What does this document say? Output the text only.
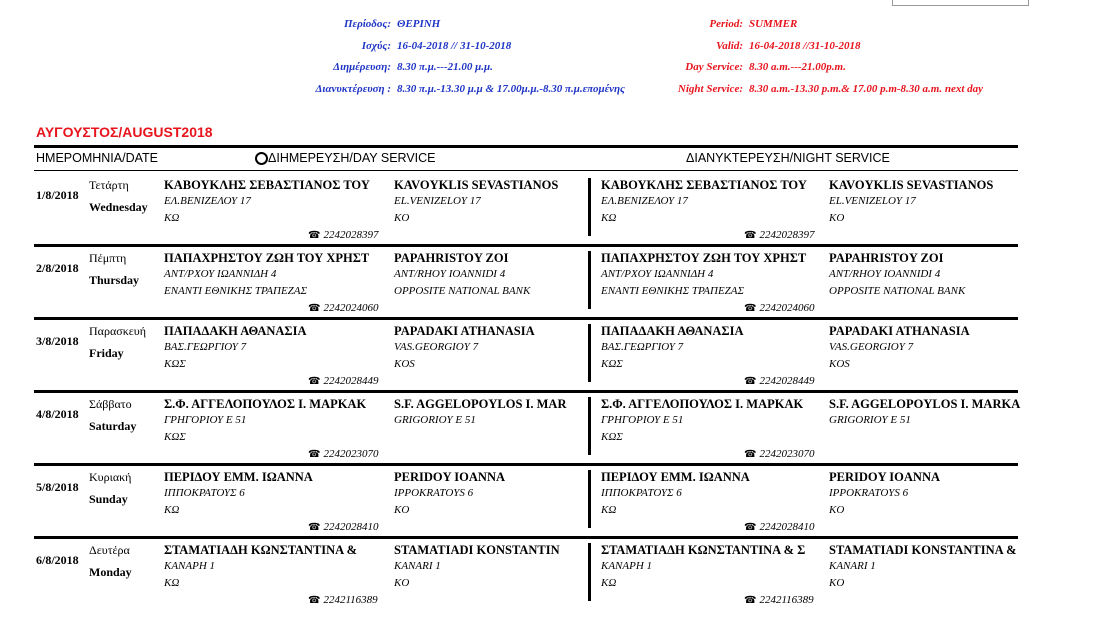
Περίοδος: ΘΕΡΙΝΗ
Ισχύς: 16-04-2018 // 31-10-2018
Διημέρευση: 8.30 π.μ.---21.00 μ.μ.
Διανυκτέρευση : 8.30 π.μ.-13.30 μ.μ & 17.00μ.μ.-8.30 π.μ.επομένης
Period: SUMMER
Valid: 16-04-2018 //31-10-2018
Day Service: 8.30 a.m.---21.00p.m.
Night Service: 8.30 a.m.-13.30 p.m.& 17.00 p.m-8.30 a.m. next day
ΑΥΓΟΥΣΤΟΣ/AUGUST2018
ΗΜΕΡΟΜΗΝΙΑ/DATE	ΔΙΗΜΕΡΕΥΣΗ/DAY SERVICE	ΔΙΑΝΥΚΤΕΡΕΥΣΗ/NIGHT SERVICE
1/8/2018
Τετάρτη
Wednesday
ΚΑΒΟΥΚΛΗΣ ΣΕΒΑΣΤΙΑΝΟΣ ΤΟΥ
ΕΛ.ΒΕΝΙΖΕΛΟΥ 17
ΚΩ
KAVOYKLIS SEVASTIANOS
EL.VENIZELOY 17
KO
☎ 2242028397
ΚΑΒΟΥΚΛΗΣ ΣΕΒΑΣΤΙΑΝΟΣ ΤΟΥ
ΕΛ.ΒΕΝΙΖΕΛΟΥ 17
ΚΩ
KAVOYKLIS SEVASTIANOS
EL.VENIZELOY 17
KO
☎ 2242028397
2/8/2018
Πέμπτη
Thursday
ΠΑΠΑΧΡΗΣΤΟΥ ΖΩΗ ΤΟΥ ΧΡΗΣΤ
ΑΝΤ/ΡΧΟΥ ΙΩΑΝΝΙΔΗ 4
ΕΝΑΝΤΙ ΕΘΝΙΚΗΣ ΤΡΑΠΕΖΑΣ
PAPAHRISTOY ZOI
ANT/RHOY IOANNIDI 4
OPPOSITE NATIONAL BANK
☎ 2242024060
ΠΑΠΑΧΡΗΣΤΟΥ ΖΩΗ ΤΟΥ ΧΡΗΣΤ
ΑΝΤ/ΡΧΟΥ ΙΩΑΝΝΙΔΗ 4
ΕΝΑΝΤΙ ΕΘΝΙΚΗΣ ΤΡΑΠΕΖΑΣ
PAPAHRISTOY ZOI
ANT/RHOY IOANNIDI 4
OPPOSITE NATIONAL BANK
☎ 2242024060
3/8/2018
Παρασκευή
Friday
ΠΑΠΑΔΑΚΗ ΑΘΑΝΑΣΙΑ
ΒΑΣ.ΓΕΩΡΓΙΟΥ 7
ΚΩΣ
PAPADAKI ATHANASIA
VAS.GEORGIOY 7
KOS
☎ 2242028449
ΠΑΠΑΔΑΚΗ ΑΘΑΝΑΣΙΑ
ΒΑΣ.ΓΕΩΡΓΙΟΥ 7
ΚΩΣ
PAPADAKI ATHANASIA
VAS.GEORGIOY 7
KOS
☎ 2242028449
4/8/2018
Σάββατο
Saturday
Σ.Φ. ΑΓΓΕΛΟΠΟΥΛΟΣ Ι. ΜΑΡΚΑΚ
ΓΡΗΓΟΡΙΟΥ Ε 51
ΚΩΣ
S.F. AGGELOPOYLOS I. MAR
GRIGORIOY E 51
☎ 2242023070
Σ.Φ. ΑΓΓΕΛΟΠΟΥΛΟΣ Ι. ΜΑΡΚΑΚ
ΓΡΗΓΟΡΙΟΥ Ε 51
ΚΩΣ
S.F. AGGELOPOYLOS I. MARKA
GRIGORIOY E 51
☎ 2242023070
5/8/2018
Κυριακή
Sunday
ΠΕΡΙΔΟΥ ΕΜΜ. ΙΩΑΝΝΑ
ΙΠΠΟΚΡΑΤΟΥΣ 6
ΚΩ
PERIDOY IOANNA
IPPOKRATOYS 6
KO
☎ 2242028410
ΠΕΡΙΔΟΥ ΕΜΜ. ΙΩΑΝΝΑ
ΙΠΠΟΚΡΑΤΟΥΣ 6
ΚΩ
PERIDOY IOANNA
IPPOKRATOYS 6
KO
☎ 2242028410
6/8/2018
Δευτέρα
Monday
ΣΤΑΜΑΤΙΑΔΗ ΚΩΝΣΤΑΝΤΙΝΑ &
ΚΑΝΑΡΗ 1
ΚΩ
STAMATIADI KONSTANTIN
KANARI 1
KO
☎ 2242116389
ΣΤΑΜΑΤΙΑΔΗ ΚΩΝΣΤΑΝΤΙΝΑ & Σ
ΚΑΝΑΡΗ 1
ΚΩ
STAMATIADI KONSTANTINA &
KANARI 1
KO
☎ 2242116389
